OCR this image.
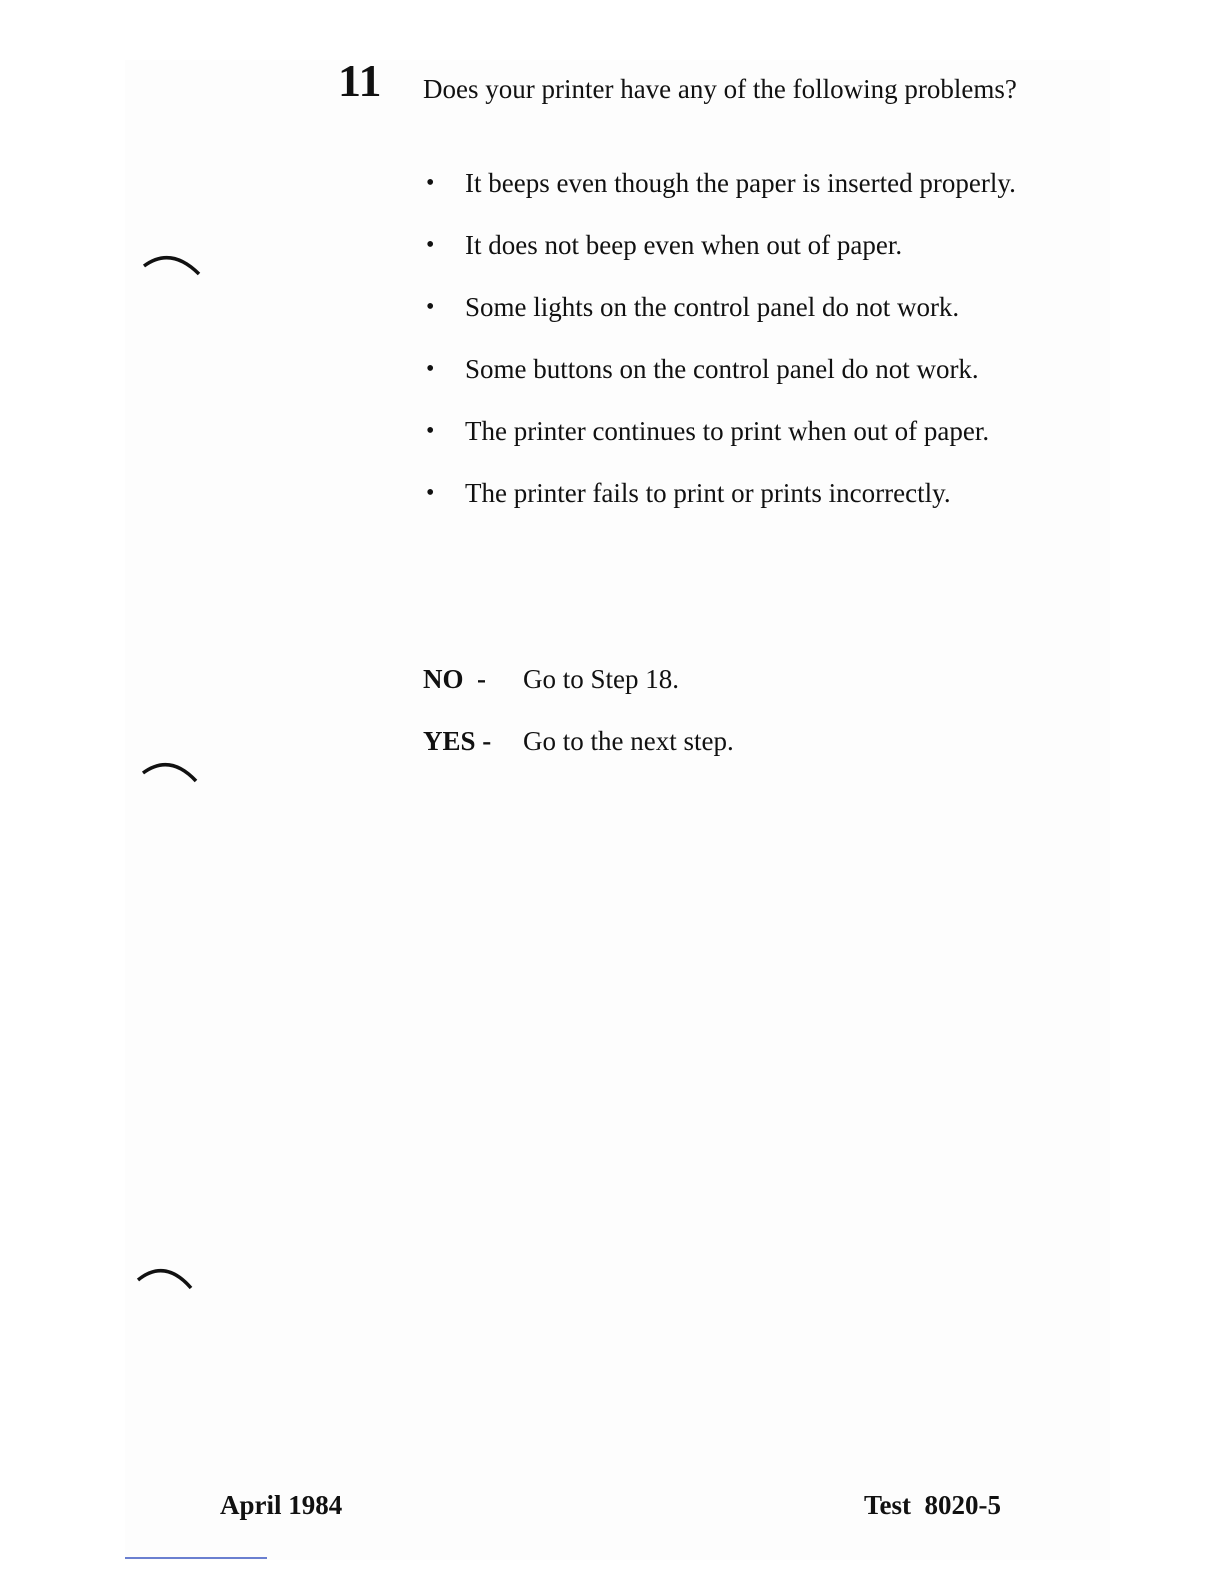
11 Does your printer have any of the following problems?
• It beeps even though the paper is inserted properly.
• It does not beep even when out of paper.
• Some lights on the control panel do not work.
• Some buttons on the control panel do not work.
• The printer continues to print when out of paper.
• The printer fails to print or prints incorrectly.
NO  -	Go to Step 18.
YES -	Go to the next step.
April 1984	Test  8020-5
